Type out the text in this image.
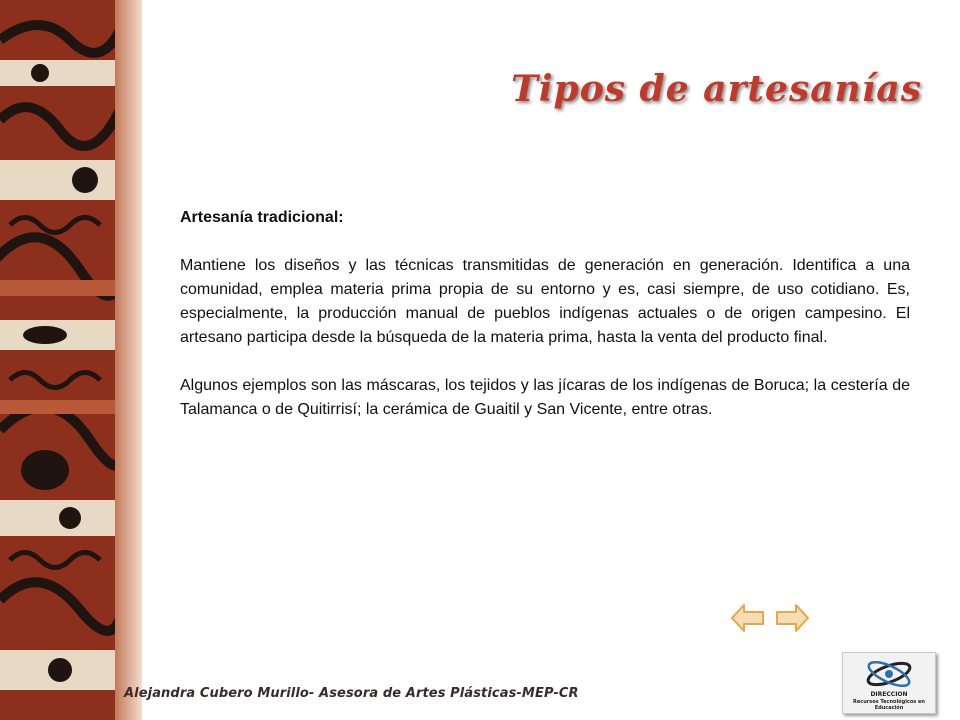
Tipos de artesanías
Artesanía tradicional:

Mantiene los diseños y las técnicas transmitidas de generación en generación. Identifica a una comunidad, emplea materia prima propia de su entorno y es, casi siempre, de uso cotidiano. Es, especialmente, la producción manual de pueblos indígenas actuales o de origen campesino. El artesano participa desde la búsqueda de la materia prima, hasta la venta del producto final.

Algunos ejemplos son las máscaras, los tejidos y las jícaras de los indígenas de Boruca; la cestería de Talamanca o de Quitirrisí; la cerámica de Guaitil y San Vicente, entre otras.

Alejandra Cubero Murillo- Asesora de Artes Plásticas-MEP-CR	DIRECCION
Recursos Tecnológicos en Educación
